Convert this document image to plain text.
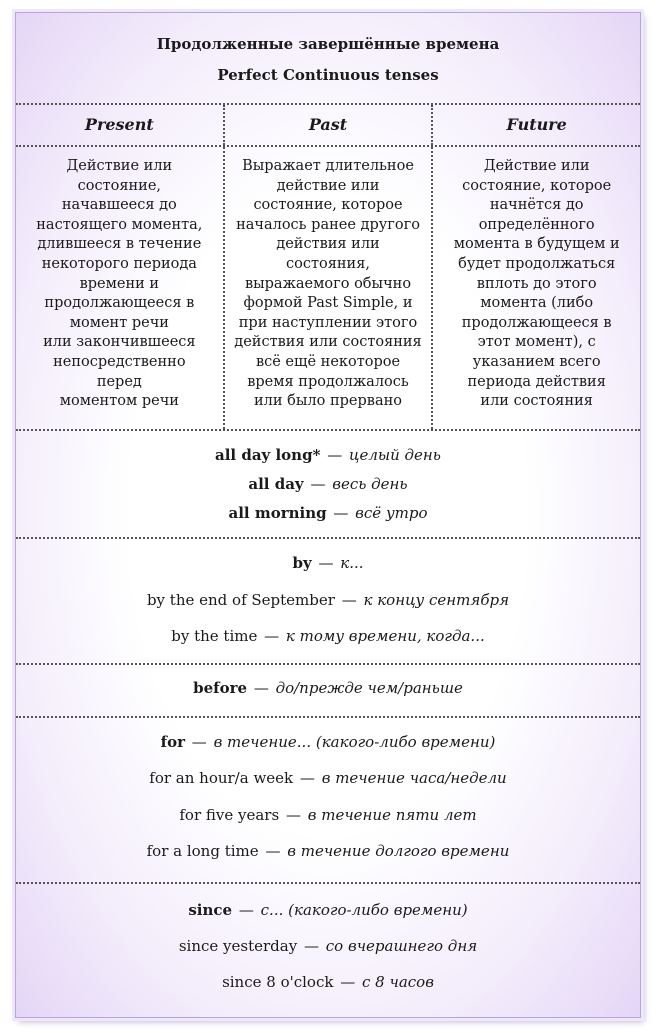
Продолженные завершённые времена
Perfect Continuous tenses
Present	Past	Future
Действие или
состояние,
начавшееся до
настоящего момента,
длившееся в течение
некоторого периода
времени и
продолжающееся в
момент речи
или закончившееся
непосредственно
перед
моментом речи
Выражает длительное
действие или
состояние, которое
началось ранее другого
действия или
состояния,
выражаемого обычно
формой Past Simple, и
при наступлении этого
действия или состояния
всё ещё некоторое
время продолжалось
или было прервано
Действие или
состояние, которое
начнётся до
определённого
момента в будущем и
будет продолжаться
вплоть до этого
момента (либо
продолжающееся в
этот момент), с
указанием всего
периода действия
или состояния
all day long* — целый день
all day — весь день
all morning — всё утро
by — к...
by the end of September — к концу сентября
by the time — к тому времени, когда...
before — до/прежде чем/раньше
for — в течение... (какого-либо времени)
for an hour/a week — в течение часа/недели
for five years — в течение пяти лет
for a long time — в течение долгого времени
since — с... (какого-либо времени)
since yesterday — со вчерашнего дня
since 8 o'clock — с 8 часов
